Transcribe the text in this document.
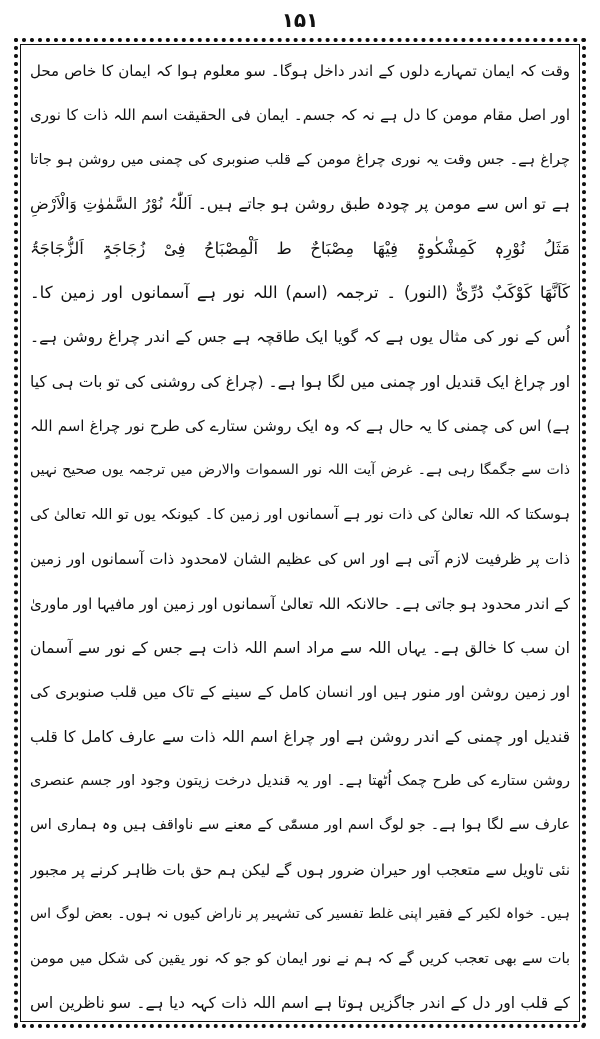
۱۵۱
وقت کہ ایمان تمہارے دلوں کے اندر داخل ہوگا۔ سو معلوم ہوا کہ ایمان کا خاص محل
اور اصل مقام مومن کا دل ہے نہ کہ جسم۔ ایمان فی الحقیقت اسم اللہ ذات کا نوری
چراغ ہے۔ جس وقت یہ نوری چراغ مومن کے قلب صنوبری کی چمنی میں روشن ہو جاتا
ہے تو اس سے مومن پر چودہ طبق روشن ہو جاتے ہیں۔ اَللّٰہُ نُوْرُ السَّمٰوٰتِ وَالْاَرْضِ
مَثَلُ نُوْرِہٖ کَمِشْکٰوۃٍ فِیْھَا مِصْبَاحٌ ط اَلْمِصْبَاحُ فِیْ زُجَاجَۃٍ اَلزُّجَاجَۃُ
کَاَنَّھَا کَوْکَبٌ دُرِّیٌّ (النور) ۔ ترجمہ (اسم) اللہ نور ہے آسمانوں اور زمین کا۔
اُس کے نور کی مثال یوں ہے کہ گویا ایک طاقچہ ہے جس کے اندر چراغ روشن ہے۔
اور چراغ ایک قندیل اور چمنی میں لگا ہوا ہے۔ (چراغ کی روشنی کی تو بات ہی کیا
ہے) اس کی چمنی کا یہ حال ہے کہ وہ ایک روشن ستارے کی طرح نور چراغ اسم اللہ
ذات سے جگمگا رہی ہے۔ غرض آیت اللہ نور السموات والارض میں ترجمہ یوں صحیح نہیں
ہوسکتا کہ اللہ تعالیٰ کی ذات نور ہے آسمانوں اور زمین کا۔ کیونکہ یوں تو اللہ تعالیٰ کی
ذات پر ظرفیت لازم آتی ہے اور اس کی عظیم الشان لامحدود ذات آسمانوں اور زمین
کے اندر محدود ہو جاتی ہے۔ حالانکہ اللہ تعالیٰ آسمانوں اور زمین اور مافیہا اور ماوریٰ
ان سب کا خالق ہے۔ یہاں اللہ سے مراد اسم اللہ ذات ہے جس کے نور سے آسمان
اور زمین روشن اور منور ہیں اور انسان کامل کے سینے کے تاک میں قلب صنوبری کی
قندیل اور چمنی کے اندر روشن ہے اور چراغ اسم اللہ ذات سے عارف کامل کا قلب
روشن ستارے کی طرح چمک اُٹھتا ہے۔ اور یہ قندیل درخت زیتون وجود اور جسم عنصری
عارف سے لگا ہوا ہے۔ جو لوگ اسم اور مسمّٰی کے معنے سے ناواقف ہیں وہ ہماری اس
نئی تاویل سے متعجب اور حیران ضرور ہوں گے لیکن ہم حق بات ظاہر کرنے پر مجبور
ہیں۔ خواہ لکیر کے فقیر اپنی غلط تفسیر کی تشہیر پر ناراض کیوں نہ ہوں۔ بعض لوگ اس
بات سے بھی تعجب کریں گے کہ ہم نے نور ایمان کو جو کہ نور یقین کی شکل میں مومن
کے قلب اور دل کے اندر جاگزیں ہوتا ہے اسم اللہ ذات کہہ دیا ہے۔ سو ناظرین اس
